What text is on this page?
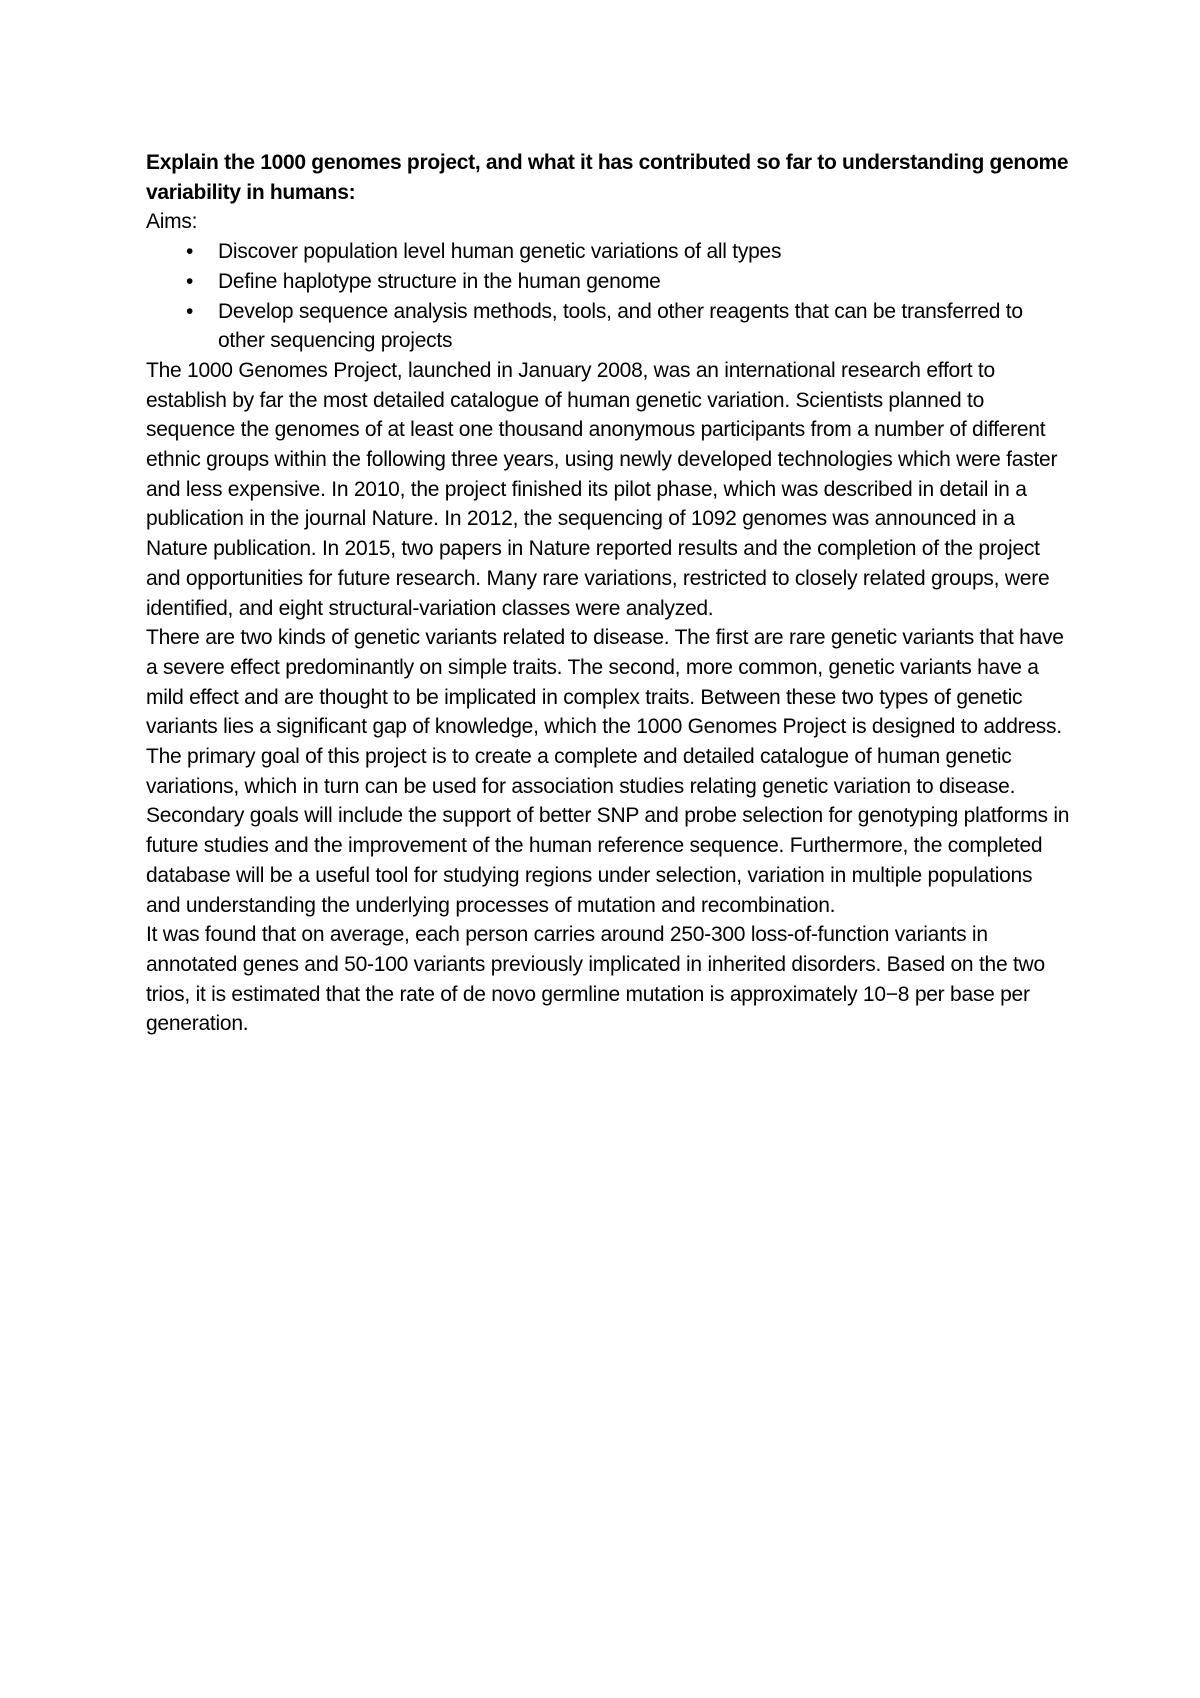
Explain the 1000 genomes project, and what it has contributed so far to understanding genome variability in humans:

Aims:

• Discover population level human genetic variations of all types
• Define haplotype structure in the human genome
• Develop sequence analysis methods, tools, and other reagents that can be transferred to other sequencing projects

The 1000 Genomes Project, launched in January 2008, was an international research effort to establish by far the most detailed catalogue of human genetic variation. Scientists planned to sequence the genomes of at least one thousand anonymous participants from a number of different ethnic groups within the following three years, using newly developed technologies which were faster and less expensive. In 2010, the project finished its pilot phase, which was described in detail in a publication in the journal Nature. In 2012, the sequencing of 1092 genomes was announced in a Nature publication. In 2015, two papers in Nature reported results and the completion of the project and opportunities for future research. Many rare variations, restricted to closely related groups, were identified, and eight structural-variation classes were analyzed.

There are two kinds of genetic variants related to disease. The first are rare genetic variants that have a severe effect predominantly on simple traits. The second, more common, genetic variants have a mild effect and are thought to be implicated in complex traits. Between these two types of genetic variants lies a significant gap of knowledge, which the 1000 Genomes Project is designed to address.

The primary goal of this project is to create a complete and detailed catalogue of human genetic variations, which in turn can be used for association studies relating genetic variation to disease.

Secondary goals will include the support of better SNP and probe selection for genotyping platforms in future studies and the improvement of the human reference sequence. Furthermore, the completed database will be a useful tool for studying regions under selection, variation in multiple populations and understanding the underlying processes of mutation and recombination.

It was found that on average, each person carries around 250-300 loss-of-function variants in annotated genes and 50-100 variants previously implicated in inherited disorders. Based on the two trios, it is estimated that the rate of de novo germline mutation is approximately 10−8 per base per generation.
